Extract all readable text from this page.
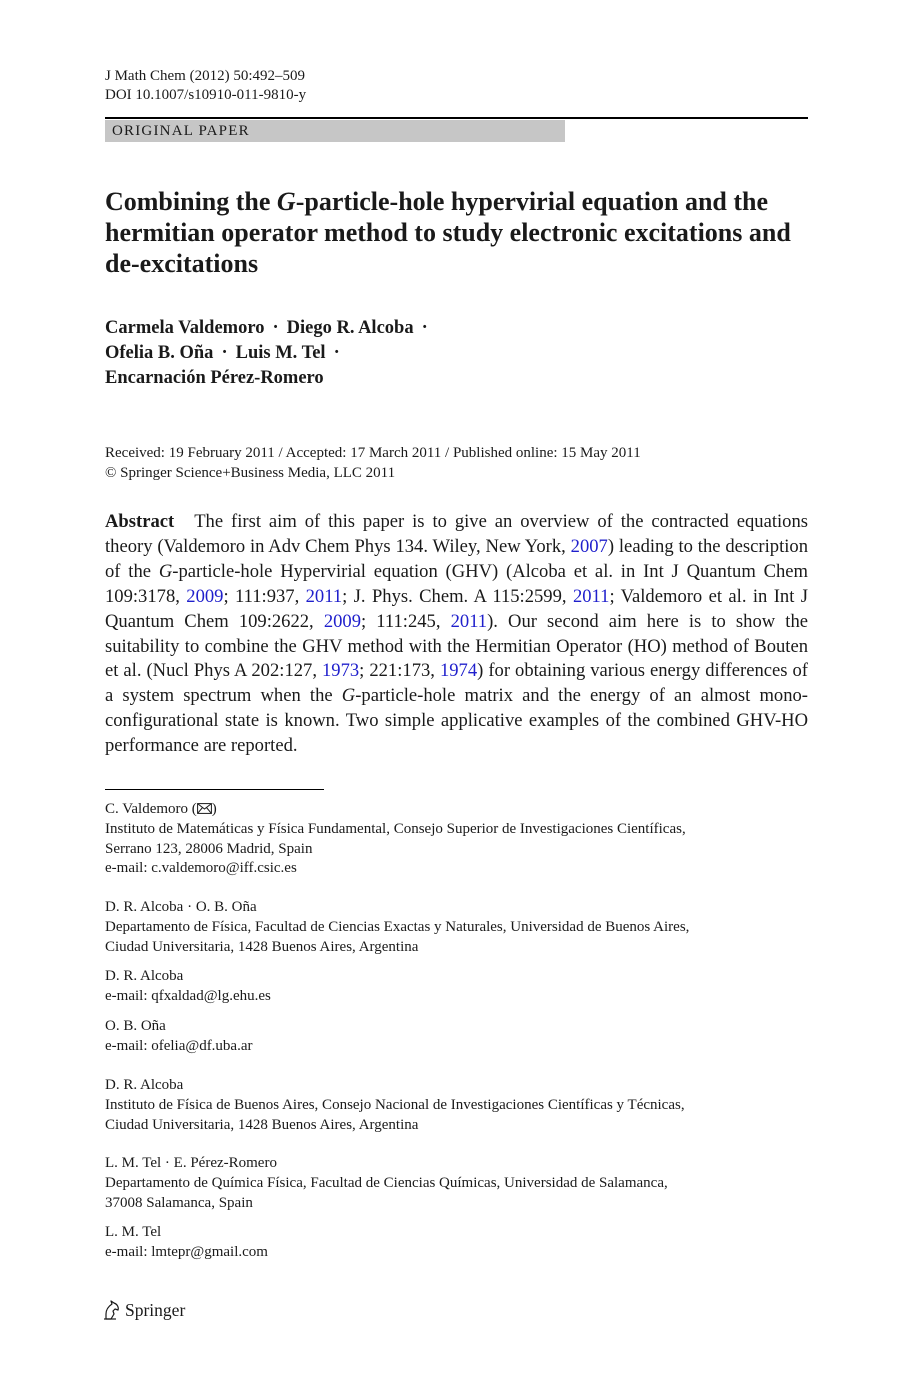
J Math Chem (2012) 50:492–509
DOI 10.1007/s10910-011-9810-y
ORIGINAL PAPER
Combining the G-particle-hole hypervirial equation and the hermitian operator method to study electronic excitations and de-excitations
Carmela Valdemoro · Diego R. Alcoba ·
Ofelia B. Oña · Luis M. Tel ·
Encarnación Pérez-Romero
Received: 19 February 2011 / Accepted: 17 March 2011 / Published online: 15 May 2011
© Springer Science+Business Media, LLC 2011
Abstract The first aim of this paper is to give an overview of the contracted equations theory (Valdemoro in Adv Chem Phys 134. Wiley, New York, 2007) leading to the description of the G-particle-hole Hypervirial equation (GHV) (Alcoba et al. in Int J Quantum Chem 109:3178, 2009; 111:937, 2011; J. Phys. Chem. A 115:2599, 2011; Valdemoro et al. in Int J Quantum Chem 109:2622, 2009; 111:245, 2011). Our second aim here is to show the suitability to combine the GHV method with the Hermitian Operator (HO) method of Bouten et al. (Nucl Phys A 202:127, 1973; 221:173, 1974) for obtaining various energy differences of a system spectrum when the G-particle-hole matrix and the energy of an almost mono-configurational state is known. Two simple applicative examples of the combined GHV-HO performance are reported.
C. Valdemoro ( )
Instituto de Matemáticas y Física Fundamental, Consejo Superior de Investigaciones Científicas,
Serrano 123, 28006 Madrid, Spain
e-mail: c.valdemoro@iff.csic.es
D. R. Alcoba · O. B. Oña
Departamento de Física, Facultad de Ciencias Exactas y Naturales, Universidad de Buenos Aires,
Ciudad Universitaria, 1428 Buenos Aires, Argentina
D. R. Alcoba
e-mail: qfxaldad@lg.ehu.es
O. B. Oña
e-mail: ofelia@df.uba.ar
D. R. Alcoba
Instituto de Física de Buenos Aires, Consejo Nacional de Investigaciones Científicas y Técnicas,
Ciudad Universitaria, 1428 Buenos Aires, Argentina
L. M. Tel · E. Pérez-Romero
Departamento de Química Física, Facultad de Ciencias Químicas, Universidad de Salamanca,
37008 Salamanca, Spain
L. M. Tel
e-mail: lmtepr@gmail.com
Springer
